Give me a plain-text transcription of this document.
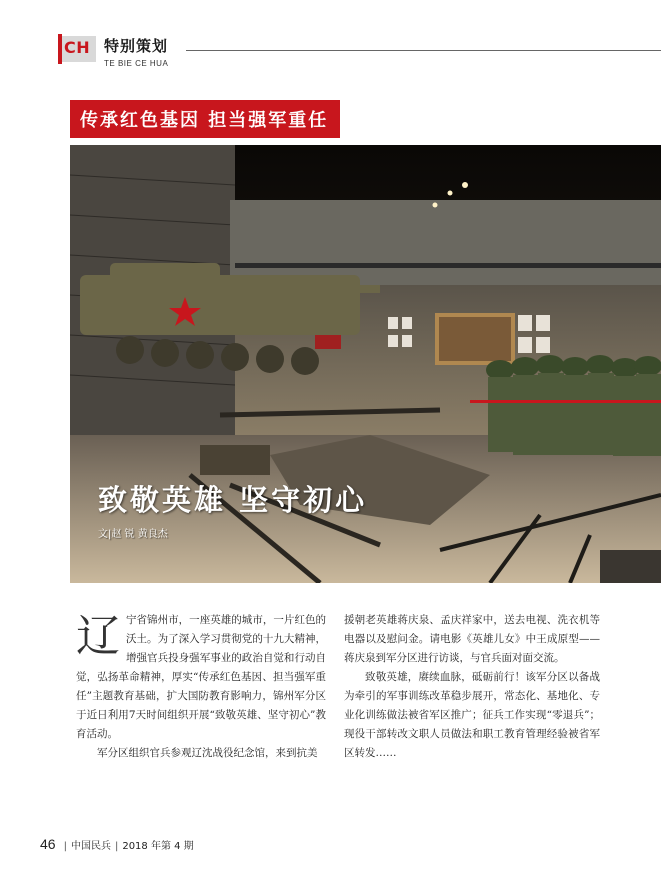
CH 特别策划
TE BIE CE HUA
传承红色基因 担当强军重任
致敬英雄 坚守初心
文|赵 锐 黄良杰

辽宁省锦州市，一座英雄的城市，一片红色的沃土。为了深入学习贯彻党的十九大精神，增强官兵投身强军事业的政治自觉和行动自觉，弘扬革命精神，厚实“传承红色基因、担当强军重任”主题教育基础，扩大国防教育影响力，锦州军分区于近日利用7天时间组织开展“致敬英雄、坚守初心”教育活动。

军分区组织官兵参观辽沈战役纪念馆，来到抗美

援朝老英雄蒋庆泉、孟庆祥家中，送去电视、洗衣机等电器以及慰问金。请电影《英雄儿女》中王成原型——蒋庆泉到军分区进行访谈，与官兵面对面交流。

致敬英雄，赓续血脉，砥砺前行！该军分区以备战为牵引的军事训练改革稳步展开，常态化、基地化、专业化训练做法被省军区推广；征兵工作实现“零退兵”；现役干部转改文职人员做法和职工教育管理经验被省军区转发……

46 | 中国民兵 | 2018 年第 4 期
